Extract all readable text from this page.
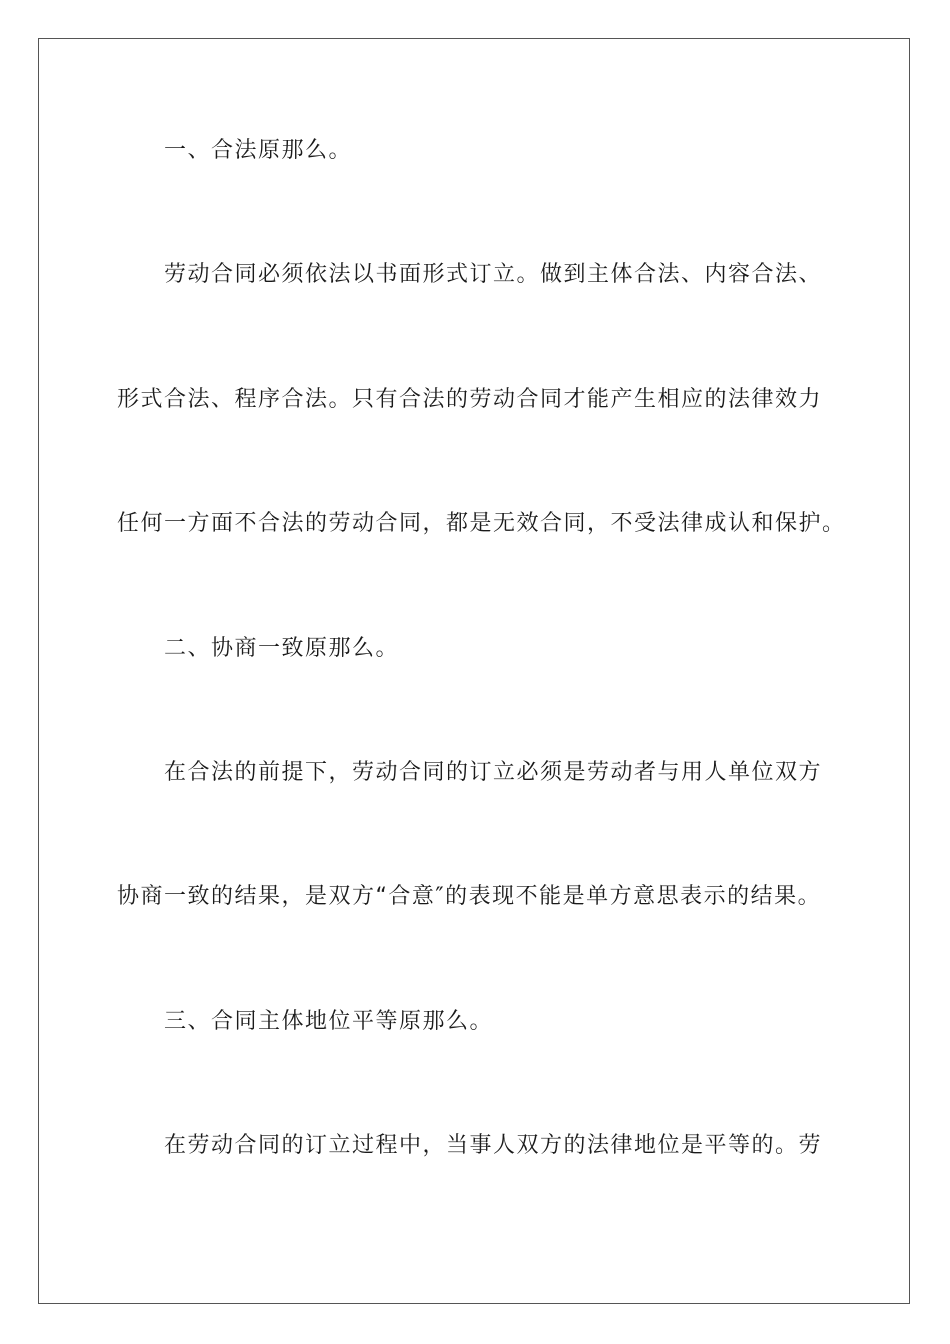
一、合法原那么。
劳动合同必须依法以书面形式订立。做到主体合法、内容合法、
形式合法、程序合法。只有合法的劳动合同才能产生相应的法律效力
任何一方面不合法的劳动合同，都是无效合同，不受法律成认和保护。
二、协商一致原那么。
在合法的前提下，劳动合同的订立必须是劳动者与用人单位双方
协商一致的结果，是双方“合意″的表现不能是单方意思表示的结果。
三、合同主体地位平等原那么。
在劳动合同的订立过程中，当事人双方的法律地位是平等的。劳
